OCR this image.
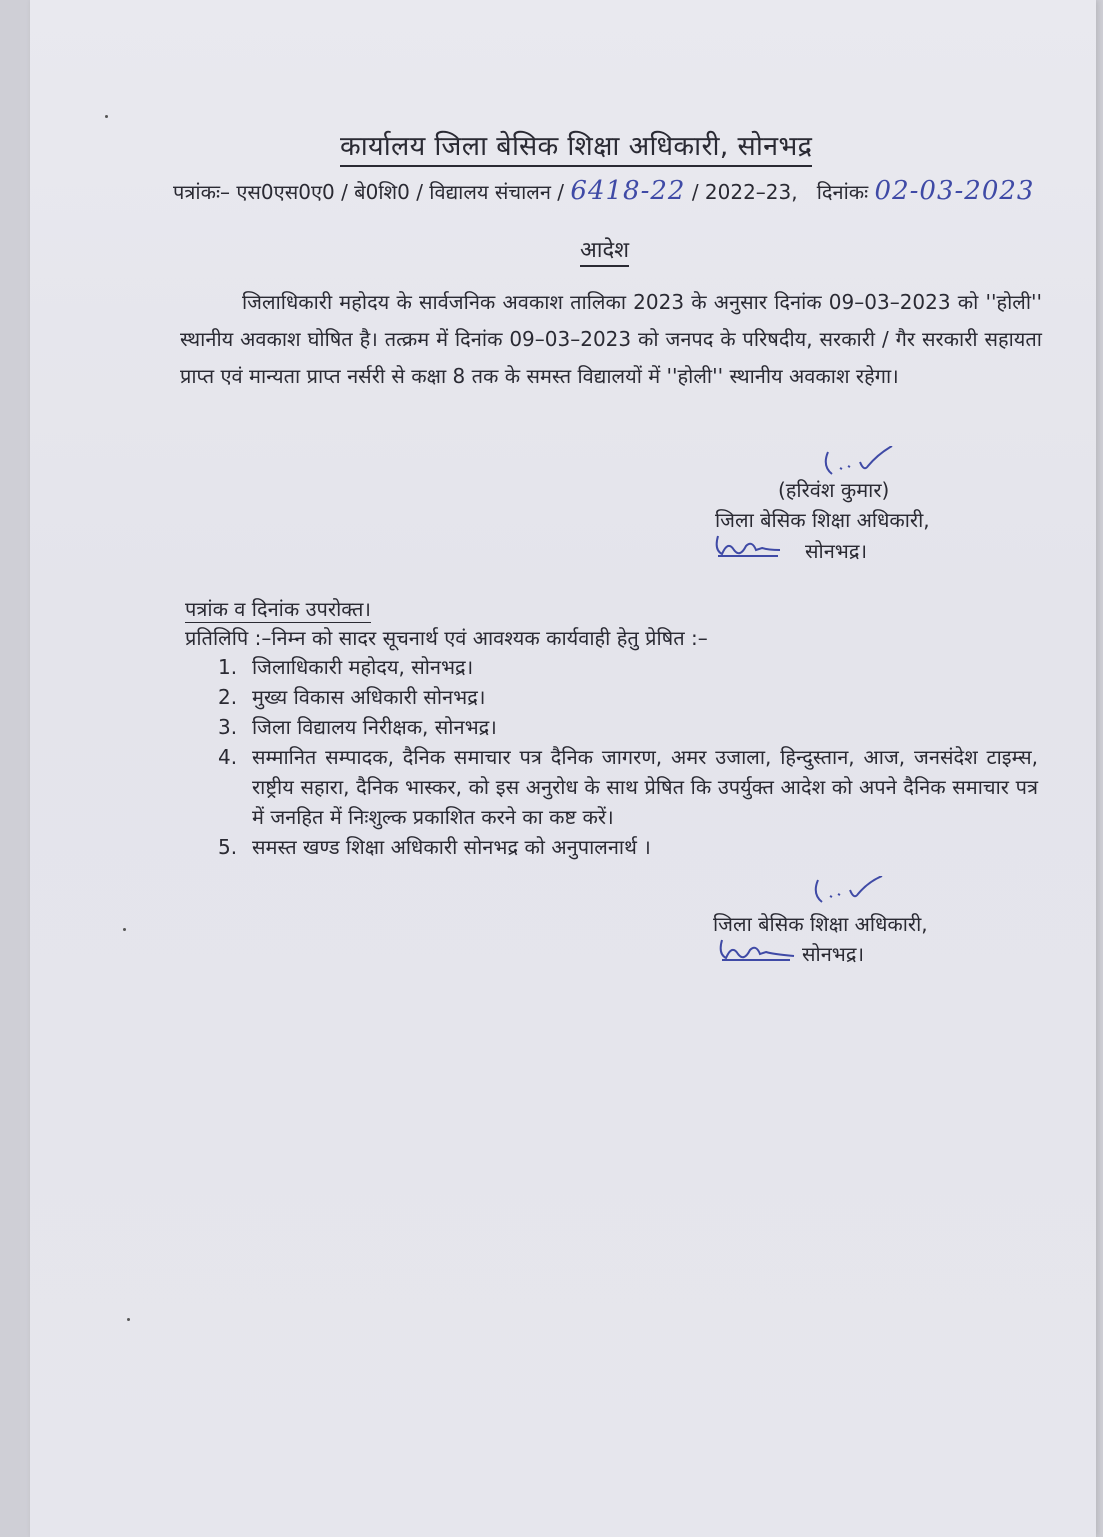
कार्यालय जिला बेसिक शिक्षा अधिकारी, सोनभद्र
पत्रांकः– एस0एस0ए0 / बे0शि0 / विद्यालय संचालन / 6418-22 / 2022–23, दिनांकः 02-03-2023
आदेश
जिलाधिकारी महोदय के सार्वजनिक अवकाश तालिका 2023 के अनुसार दिनांक 09–03–2023 को ''होली'' स्थानीय अवकाश घोषित है। तत्क्रम में दिनांक 09–03–2023 को जनपद के परिषदीय, सरकारी / गैर सरकारी सहायता प्राप्त एवं मान्यता प्राप्त नर्सरी से कक्षा 8 तक के समस्त विद्यालयों में ''होली'' स्थानीय अवकाश रहेगा।
(हरिवंश कुमार)
जिला बेसिक शिक्षा अधिकारी,
सोनभद्र।
पत्रांक व दिनांक उपरोक्त।
प्रतिलिपि :–निम्न को सादर सूचनार्थ एवं आवश्यक कार्यवाही हेतु प्रेषित :–
1. जिलाधिकारी महोदय, सोनभद्र।
2. मुख्य विकास अधिकारी सोनभद्र।
3. जिला विद्यालय निरीक्षक, सोनभद्र।
4. सम्मानित सम्पादक, दैनिक समाचार पत्र दैनिक जागरण, अमर उजाला, हिन्दुस्तान, आज, जनसंदेश टाइम्स, राष्ट्रीय सहारा, दैनिक भास्कर, को इस अनुरोध के साथ प्रेषित कि उपर्युक्त आदेश को अपने दैनिक समाचार पत्र में जनहित में निःशुल्क प्रकाशित करने का कष्ट करें।
5. समस्त खण्ड शिक्षा अधिकारी सोनभद्र को अनुपालनार्थ ।
जिला बेसिक शिक्षा अधिकारी,
सोनभद्र।
